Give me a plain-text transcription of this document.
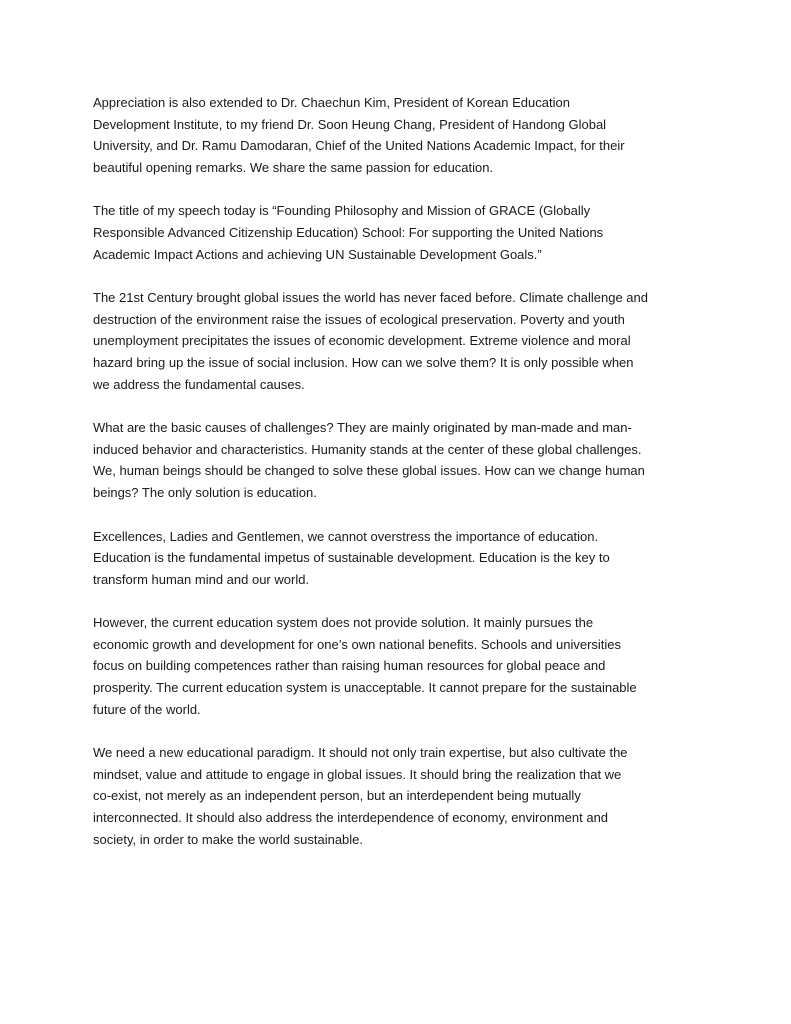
Appreciation is also extended to Dr. Chaechun Kim, President of Korean Education
Development Institute, to my friend Dr. Soon Heung Chang, President of Handong Global
University, and Dr. Ramu Damodaran, Chief of the United Nations Academic Impact, for their
beautiful opening remarks. We share the same passion for education.

The title of my speech today is “Founding Philosophy and Mission of GRACE (Globally
Responsible Advanced Citizenship Education) School: For supporting the United Nations
Academic Impact Actions and achieving UN Sustainable Development Goals.”

The 21st Century brought global issues the world has never faced before. Climate challenge and
destruction of the environment raise the issues of ecological preservation. Poverty and youth
unemployment precipitates the issues of economic development. Extreme violence and moral
hazard bring up the issue of social inclusion. How can we solve them? It is only possible when
we address the fundamental causes.

What are the basic causes of challenges? They are mainly originated by man-made and man-
induced behavior and characteristics. Humanity stands at the center of these global challenges.
We, human beings should be changed to solve these global issues. How can we change human
beings? The only solution is education.

Excellences, Ladies and Gentlemen, we cannot overstress the importance of education.
Education is the fundamental impetus of sustainable development. Education is the key to
transform human mind and our world.

However, the current education system does not provide solution. It mainly pursues the
economic growth and development for one’s own national benefits. Schools and universities
focus on building competences rather than raising human resources for global peace and
prosperity. The current education system is unacceptable. It cannot prepare for the sustainable
future of the world.

We need a new educational paradigm. It should not only train expertise, but also cultivate the
mindset, value and attitude to engage in global issues. It should bring the realization that we
co-exist, not merely as an independent person, but an interdependent being mutually
interconnected. It should also address the interdependence of economy, environment and
society, in order to make the world sustainable.
